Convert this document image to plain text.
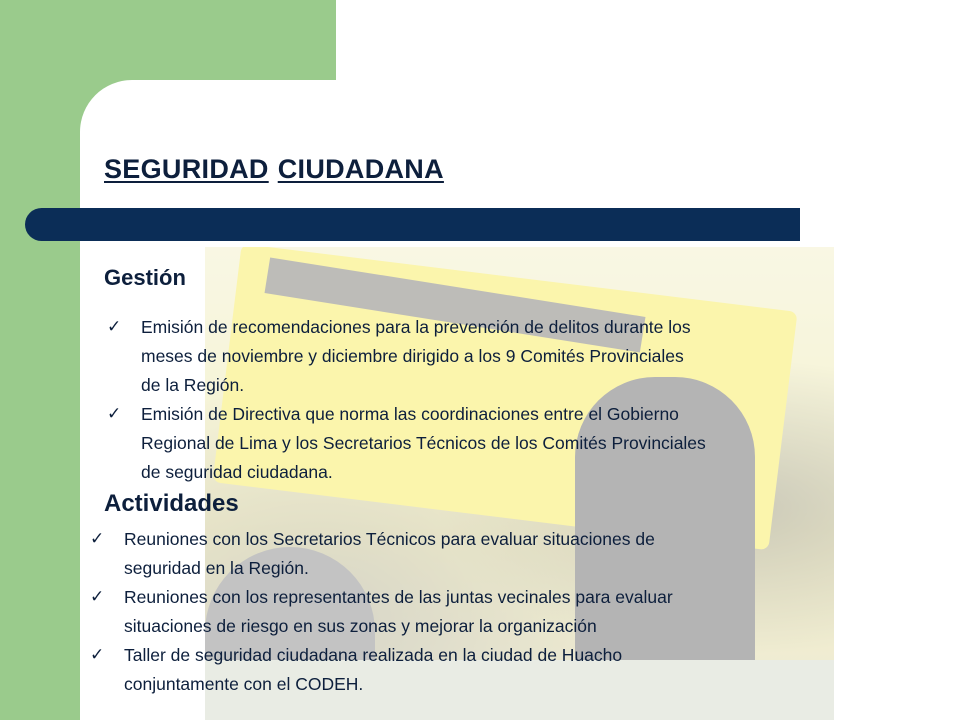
SEGURIDAD CIUDADANA
Gestión
✓ Emisión de recomendaciones para la prevención de delitos durante los
meses de noviembre y diciembre dirigido a los 9 Comités Provinciales
de la Región.
✓ Emisión de Directiva que norma las coordinaciones entre el Gobierno
Regional de Lima y los Secretarios Técnicos de los Comités Provinciales
de seguridad ciudadana.
Actividades
✓ Reuniones con los Secretarios Técnicos para evaluar situaciones de
seguridad en la Región.
✓ Reuniones con los representantes de las juntas vecinales para evaluar
situaciones de riesgo en sus zonas y mejorar la organización
✓ Taller de seguridad ciudadana realizada en la ciudad de Huacho
conjuntamente con el CODEH.
